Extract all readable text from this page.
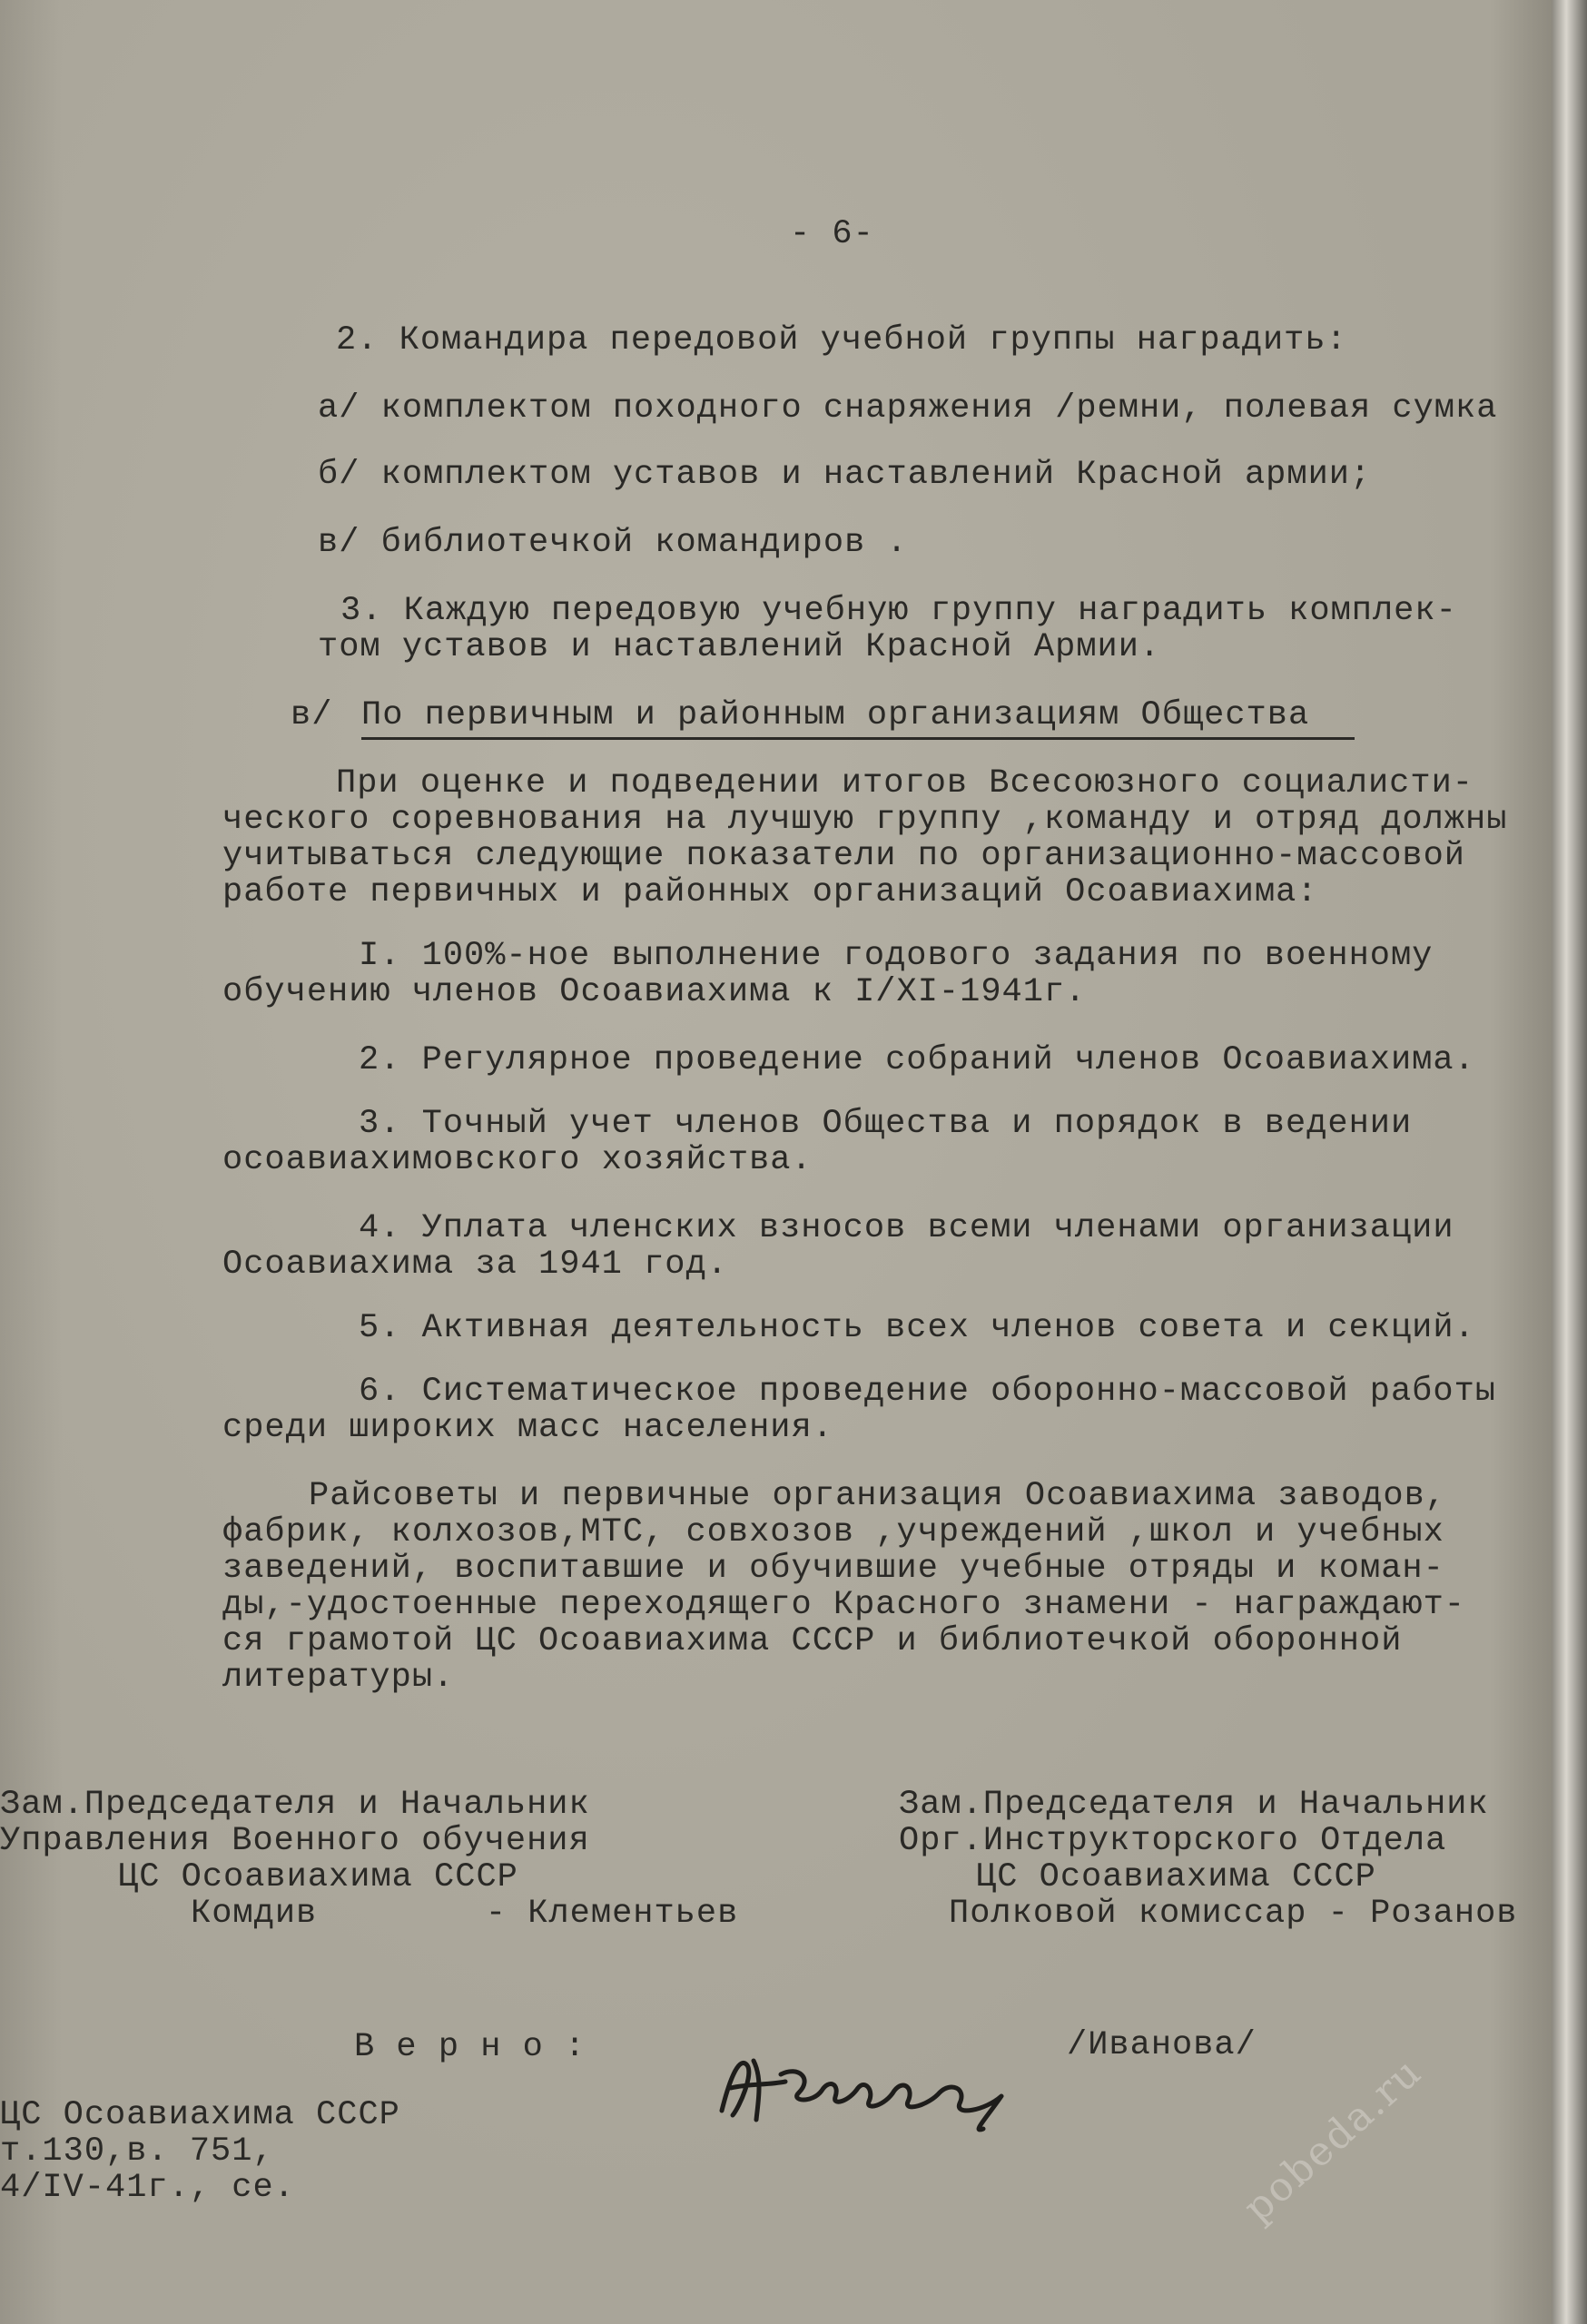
- 6-
2. Командира передовой учебной группы наградить:
а/ комплектом походного снаряжения /ремни, полевая сумка
б/ комплектом уставов и наставлений Красной армии;
в/ библиотечкой командиров .
3. Каждую передовую учебную группу наградить комплек-
том уставов и наставлений Красной Армии.
в/ По первичным и районным организациям Общества
При оценке и подведении итогов Всесоюзного социалисти-
ческого соревнования на лучшую группу ,команду и отряд должны
учитываться следующие показатели по организационно-массовой
работе первичных и районных организаций Осоавиахима:
I. 100%-ное выполнение годового задания по военному
обучению членов Осоавиахима к I/XI-1941г.
2. Регулярное проведение собраний членов Осоавиахима.
3. Точный учет членов Общества и порядок в ведении
осоавиахимовского хозяйства.
4. Уплата членских взносов всеми членами организации
Осоавиахима за 1941 год.
5. Активная деятельность всех членов совета и секций.
6. Систематическое проведение оборонно-массовой работы
среди широких масс населения.
Райсоветы и первичные организация Осоавиахима заводов,
фабрик, колхозов,МТС, совхозов ,учреждений ,школ и учебных
заведений, воспитавшие и обучившие учебные отряды и коман-
ды,-удостоенные переходящего Красного знамени - награждают-
ся грамотой ЦС Осоавиахима СССР и библиотечкой оборонной
литературы.
Зам.Председателя и Начальник
Управления Военного обучения
ЦС Осоавиахима СССР
Комдив        - Клементьев
Зам.Председателя и Начальник
Орг.Инструкторского Отдела
ЦС Осоавиахима СССР
Полковой комиссар - Розанов
В е р н о :	/Иванова/
ЦС Осоавиахима СССР
т.130,в. 751,
4/IV-41г., се.	pobeda.ru
